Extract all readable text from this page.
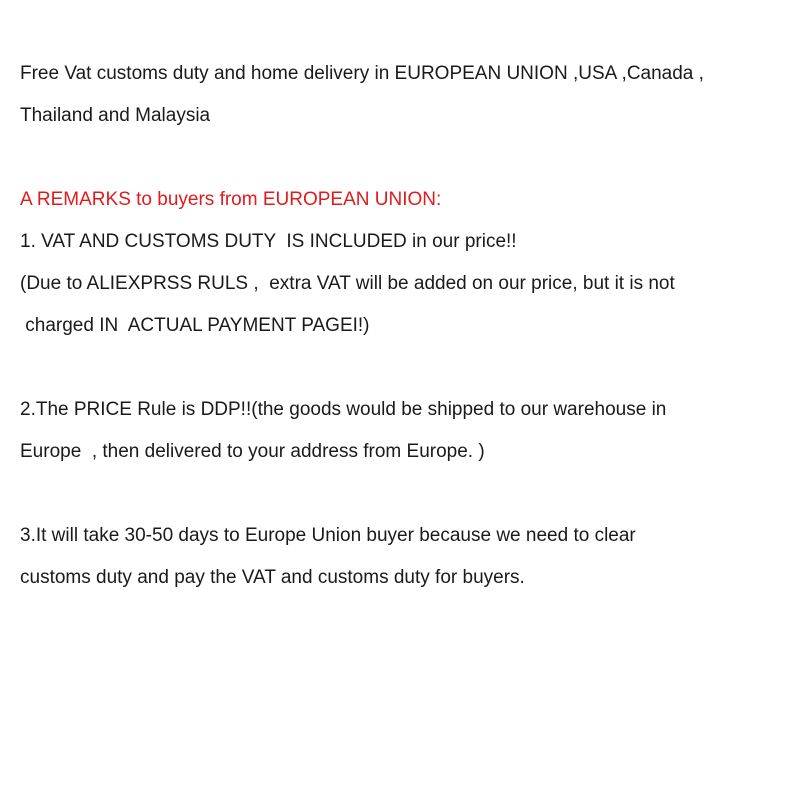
Free Vat customs duty and home delivery in EUROPEAN UNION ,USA ,Canada ,
Thailand and Malaysia
A REMARKS to buyers from EUROPEAN UNION:
1. VAT AND CUSTOMS DUTY  IS INCLUDED in our price!!
(Due to ALIEXPRSS RULS ,  extra VAT will be added on our price, but it is not
charged IN  ACTUAL PAYMENT PAGEI!)
2.The PRICE Rule is DDP!!(the goods would be shipped to our warehouse in
Europe  , then delivered to your address from Europe. )
3.It will take 30-50 days to Europe Union buyer because we need to clear
customs duty and pay the VAT and customs duty for buyers.
